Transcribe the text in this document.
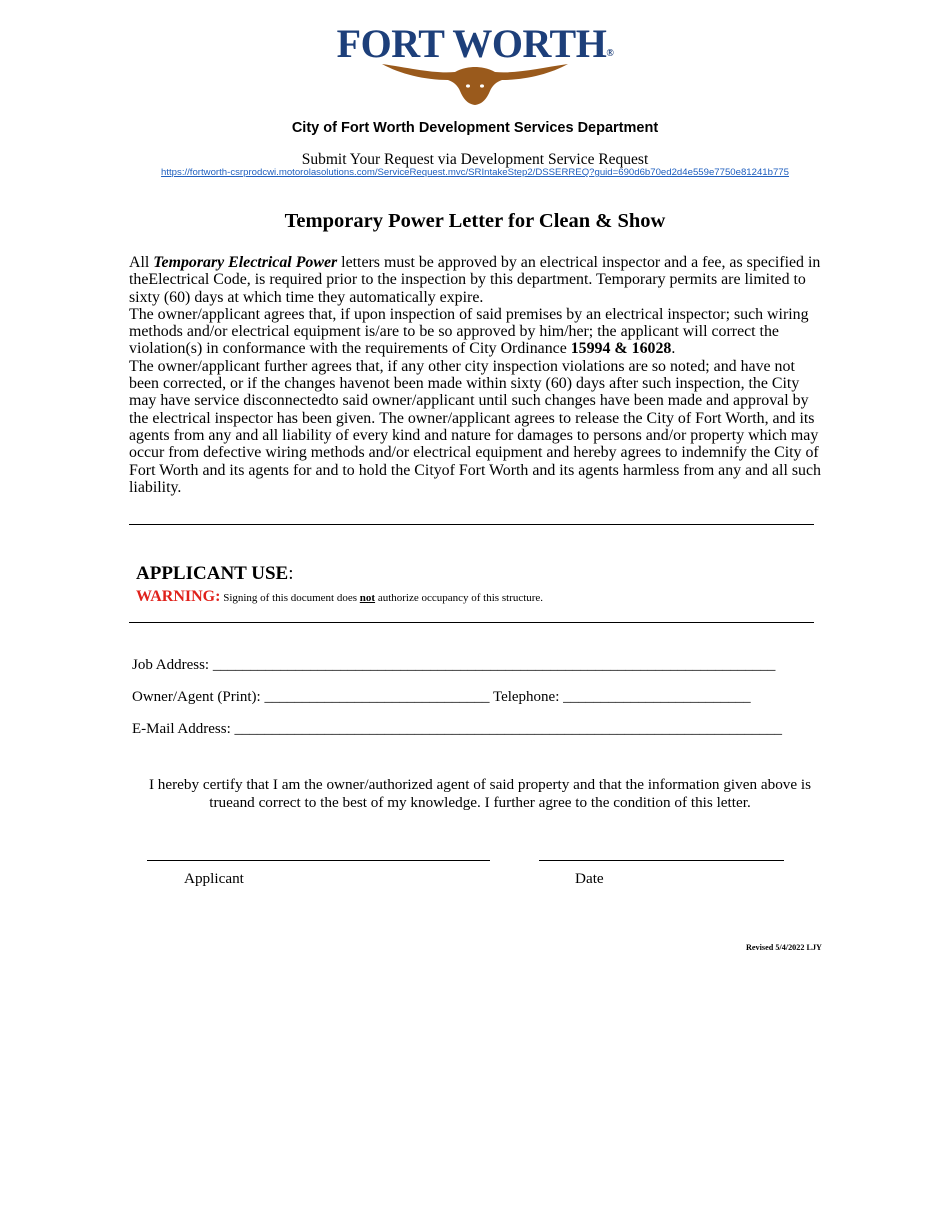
FORT WORTH®
City of Fort Worth Development Services Department
Submit Your Request via Development Service Request
https://fortworth-csrprodcwi.motorolasolutions.com/ServiceRequest.mvc/SRIntakeStep2/DSSERREQ?guid=690d6b70ed2d4e559e7750e81241b775
Temporary Power Letter for Clean & Show

All Temporary Electrical Power letters must be approved by an electrical inspector and a fee, as specified in theElectrical Code, is required prior to the inspection by this department. Temporary permits are limited to sixty (60) days at which time they automatically expire.

The owner/applicant agrees that, if upon inspection of said premises by an electrical inspector; such wiring methods and/or electrical equipment is/are to be so approved by him/her; the applicant will correct the violation(s) in conformance with the requirements of City Ordinance 15994 & 16028.

The owner/applicant further agrees that, if any other city inspection violations are so noted; and have not been corrected, or if the changes havenot been made within sixty (60) days after such inspection, the City may have service disconnectedto said owner/applicant until such changes have been made and approval by the electrical inspector has been given.

The owner/applicant agrees to release the City of Fort Worth, and its agents from any and all liability of every kind and nature for damages to persons and/or property which may occur from defective wiring methods and/or electrical equipment and hereby agrees to indemnify the City of Fort Worth and its agents for and to hold the Cityof Fort Worth and its agents harmless from any and all such liability.

APPLICANT USE:
WARNING: Signing of this document does not authorize occupancy of this structure.
Job Address: ___________________________________________________________________________
Owner/Agent (Print): ______________________________ Telephone: _________________________
E-Mail Address: _________________________________________________________________________
I hereby certify that I am the owner/authorized agent of said property and that the information given above is trueand correct to the best of my knowledge. I further agree to the condition of this letter.
Applicant	Date
Revised 5/4/2022 LJY
